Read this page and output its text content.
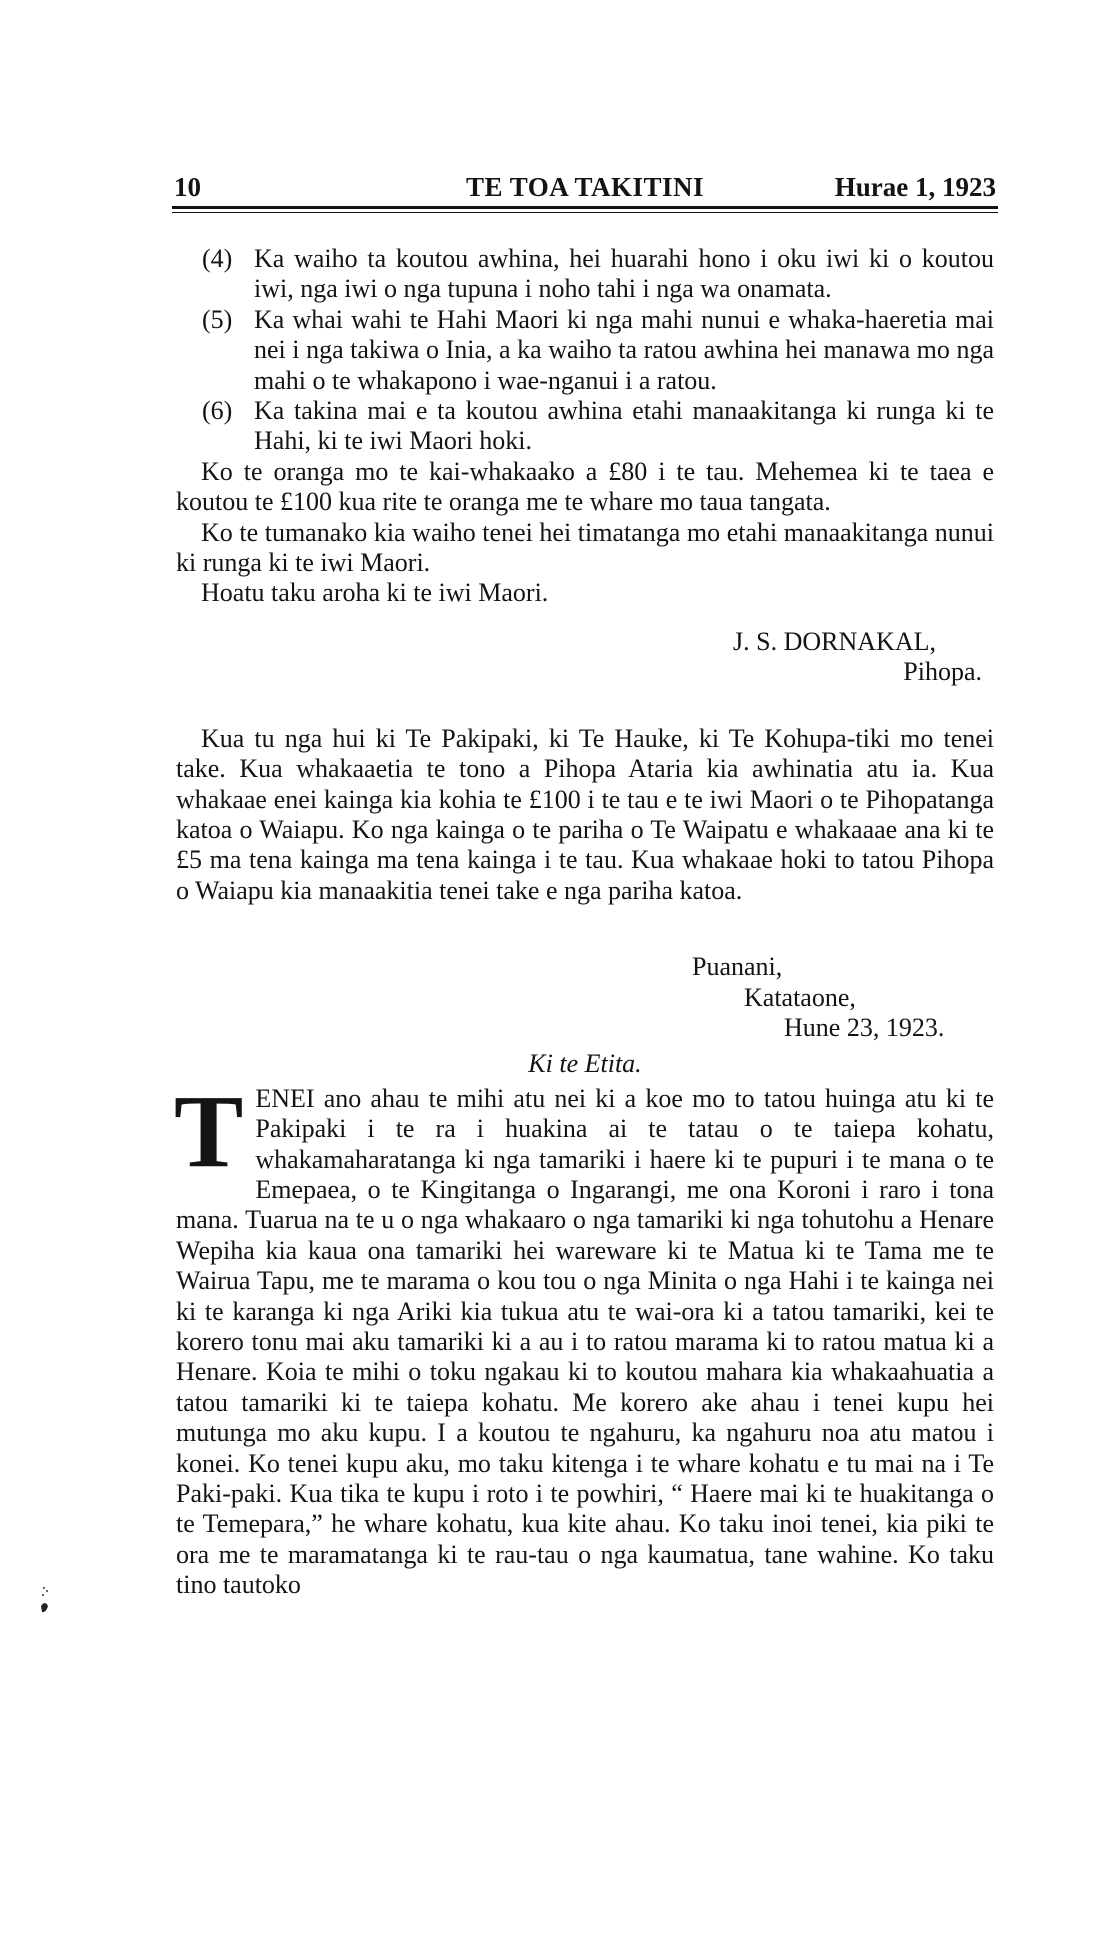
10	TE TOA TAKITINI	Hurae 1, 1923
(4) Ka waiho ta koutou awhina, hei huarahi hono i oku iwi ki o koutou iwi, nga iwi o nga tupuna i noho tahi i nga wa onamata.
(5) Ka whai wahi te Hahi Maori ki nga mahi nunui e whaka-haeretia mai nei i nga takiwa o Inia, a ka waiho ta ratou awhina hei manawa mo nga mahi o te whakapono i wae-nganui i a ratou.
(6) Ka takina mai e ta koutou awhina etahi manaakitanga ki runga ki te Hahi, ki te iwi Maori hoki.

Ko te oranga mo te kai-whakaako a £80 i te tau. Mehemea ki te taea e koutou te £100 kua rite te oranga me te whare mo taua tangata.

Ko te tumanako kia waiho tenei hei timatanga mo etahi manaakitanga nunui ki runga ki te iwi Maori.

Hoatu taku aroha ki te iwi Maori.

J. S. DORNAKAL,
Pihopa.

Kua tu nga hui ki Te Pakipaki, ki Te Hauke, ki Te Kohupa-tiki mo tenei take. Kua whakaaetia te tono a Pihopa Ataria kia awhinatia atu ia. Kua whakaae enei kainga kia kohia te £100 i te tau e te iwi Maori o te Pihopatanga katoa o Waiapu. Ko nga kainga o te pariha o Te Waipatu e whakaaae ana ki te £5 ma tena kainga ma tena kainga i te tau. Kua whakaae hoki to tatou Pihopa o Waiapu kia manaakitia tenei take e nga pariha katoa.

Puanani,
Katataone,
Hune 23, 1923.
Ki te Etita.
T ENEI ano ahau te mihi atu nei ki a koe mo to tatou huinga atu ki te Pakipaki i te ra i huakina ai te tatau o te taiepa kohatu, whakamaharatanga ki nga tamariki i haere ki te pupuri i te mana o te Emepaea, o te Kingitanga o Ingarangi, me ona Koroni i raro i tona mana. Tuarua na te u o nga whakaaro o nga tamariki ki nga tohutohu a Henare Wepiha kia kaua ona tamariki hei wareware ki te Matua ki te Tama me te Wairua Tapu, me te marama o kou tou o nga Minita o nga Hahi i te kainga nei ki te karanga ki nga Ariki kia tukua atu te wai-ora ki a tatou tamariki, kei te korero tonu mai aku tamariki ki a au i to ratou marama ki to ratou matua ki a Henare. Koia te mihi o toku ngakau ki to koutou mahara kia whakaahuatia a tatou tamariki ki te taiepa kohatu. Me korero ake ahau i tenei kupu hei mutunga mo aku kupu. I a koutou te ngahuru, ka ngahuru noa atu matou i konei. Ko tenei kupu aku, mo taku kitenga i te whare kohatu e tu mai na i Te Paki-paki. Kua tika te kupu i roto i te powhiri, “ Haere mai ki te huakitanga o te Temepara,” he whare kohatu, kua kite ahau. Ko taku inoi tenei, kia piki te ora me te maramatanga ki te rau-tau o nga kaumatua, tane wahine. Ko taku tino tautoko
